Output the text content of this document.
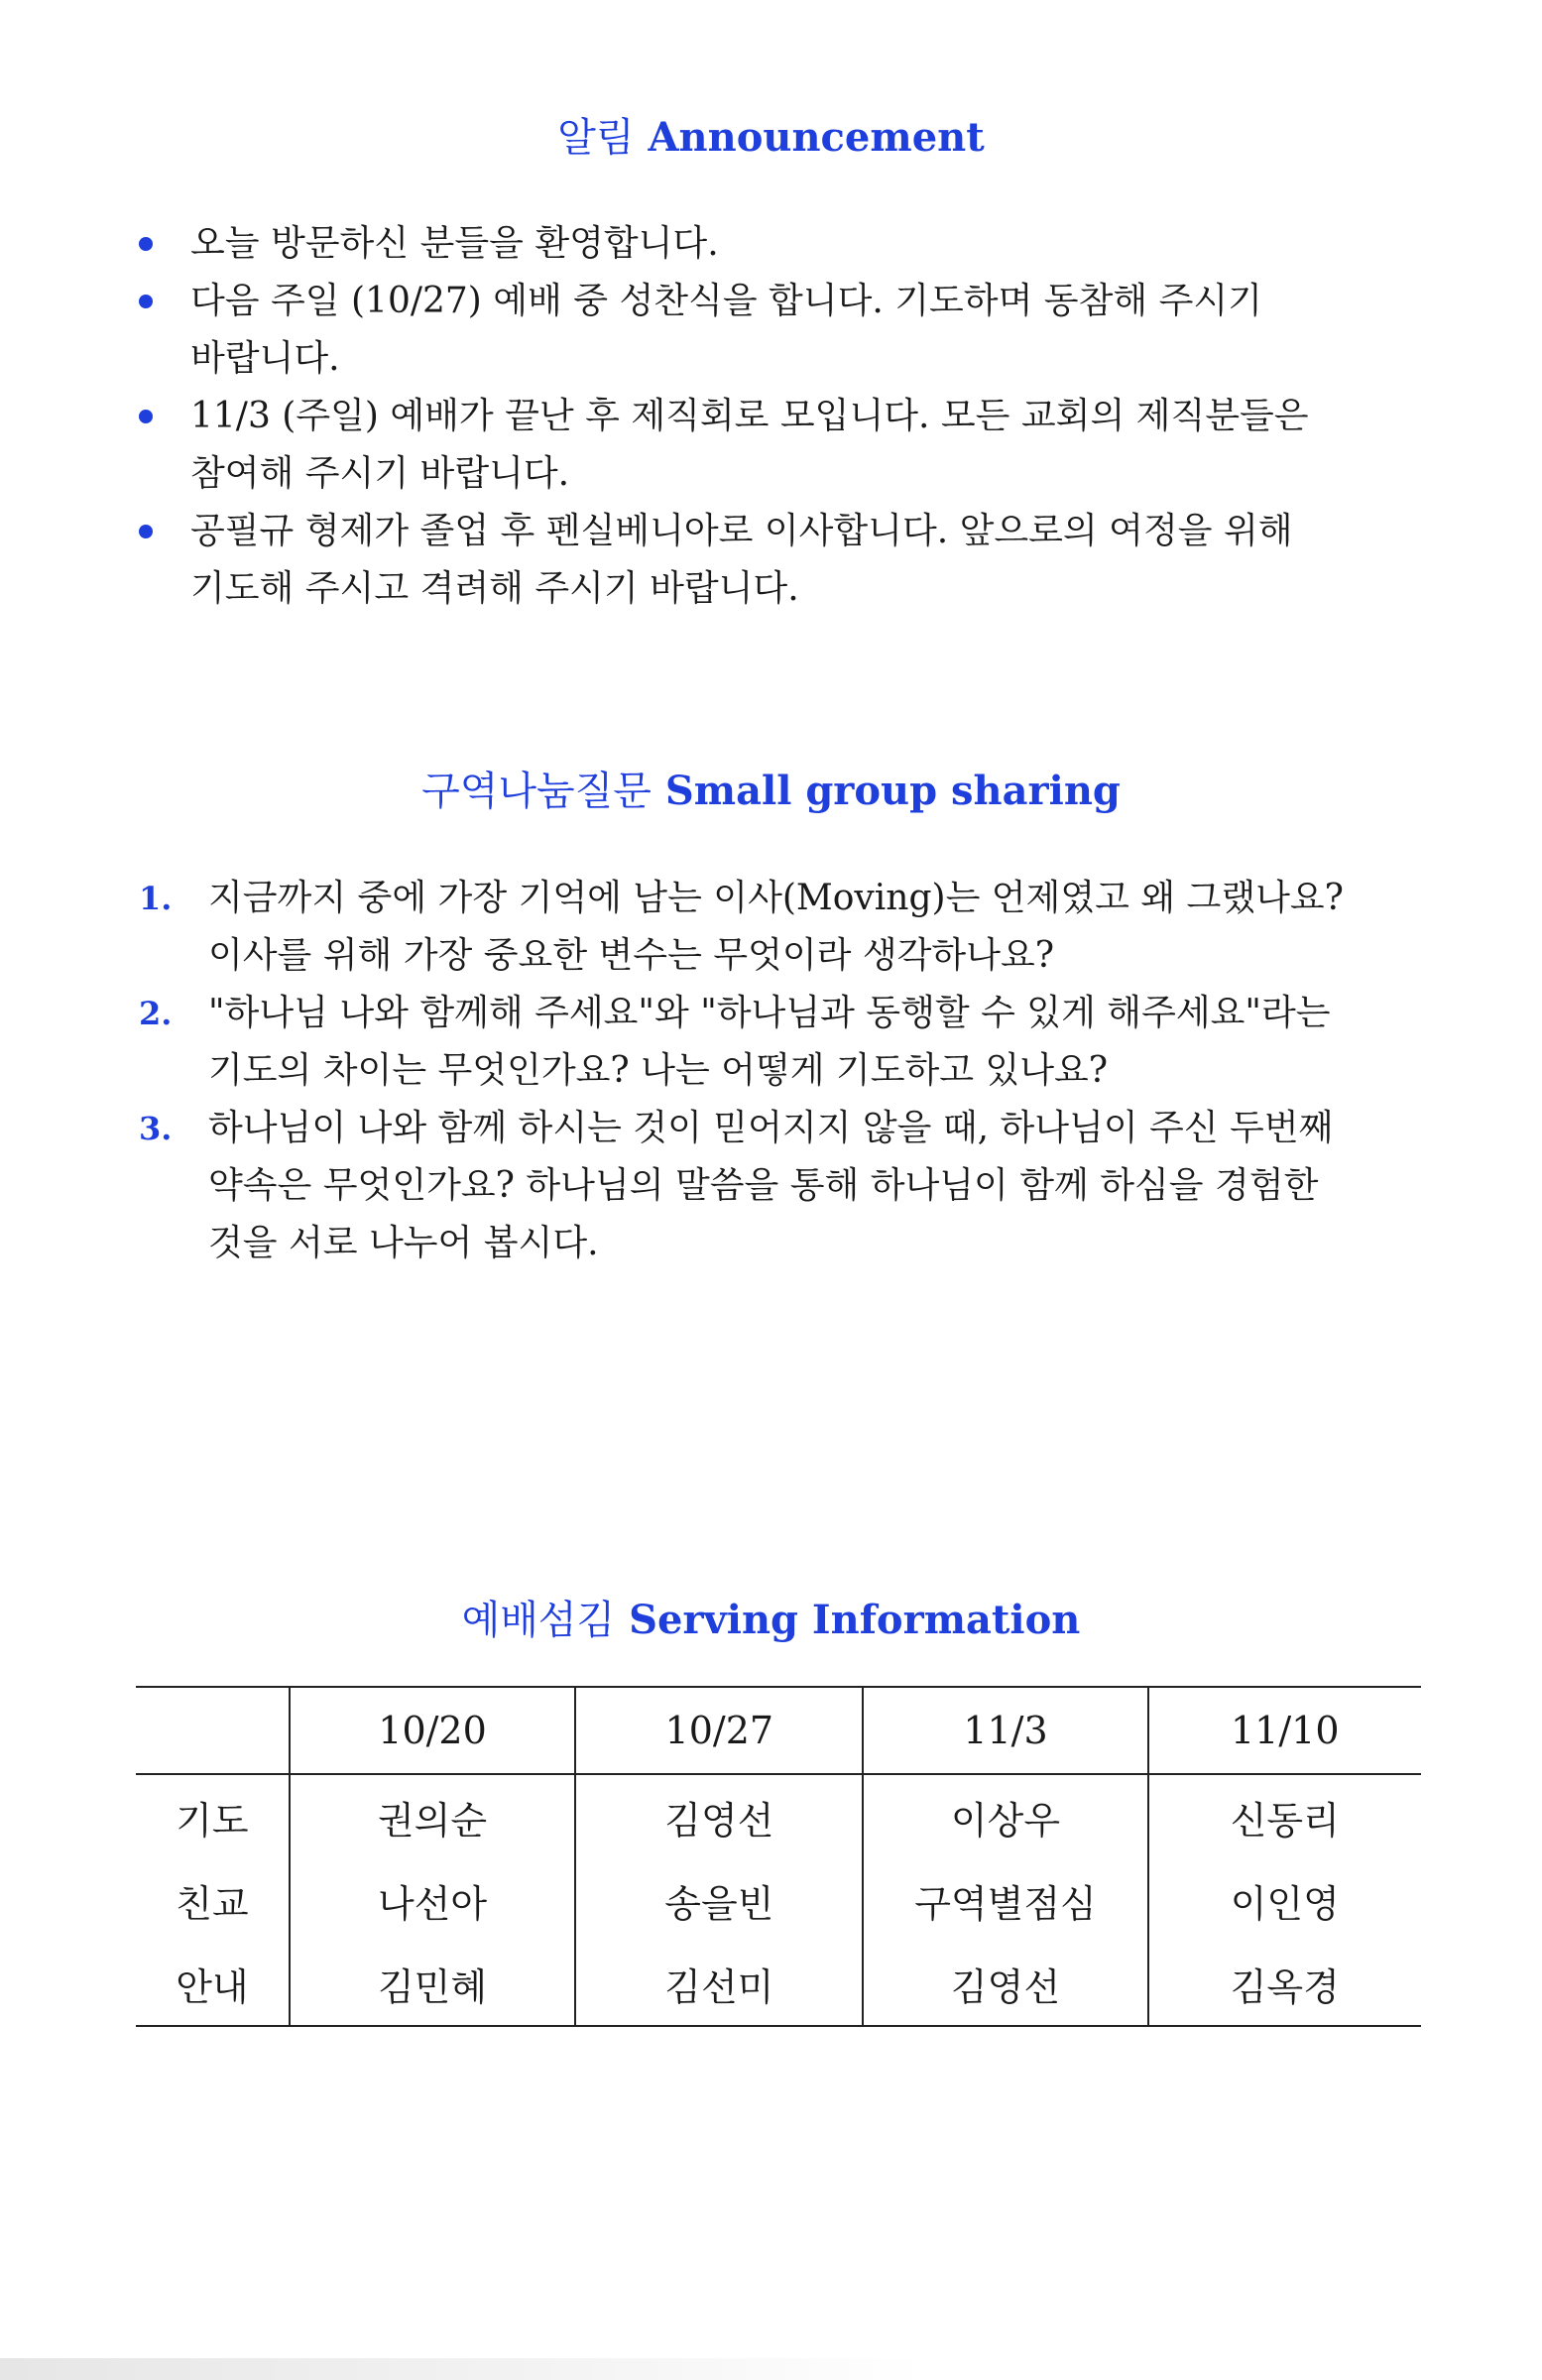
알림 Announcement
오늘 방문하신 분들을 환영합니다.
다음 주일 (10/27) 예배 중 성찬식을 합니다. 기도하며 동참해 주시기
바랍니다.
11/3 (주일) 예배가 끝난 후 제직회로 모입니다. 모든 교회의 제직분들은
참여해 주시기 바랍니다.
공필규 형제가 졸업 후 펜실베니아로 이사합니다. 앞으로의 여정을 위해
기도해 주시고 격려해 주시기 바랍니다.
구역나눔질문 Small group sharing
1. 지금까지 중에 가장 기억에 남는 이사(Moving)는 언제였고 왜 그랬나요?
이사를 위해 가장 중요한 변수는 무엇이라 생각하나요?
2. "하나님 나와 함께해 주세요"와 "하나님과 동행할 수 있게 해주세요"라는
기도의 차이는 무엇인가요? 나는 어떻게 기도하고 있나요?
3. 하나님이 나와 함께 하시는 것이 믿어지지 않을 때, 하나님이 주신 두번째
약속은 무엇인가요? 하나님의 말씀을 통해 하나님이 함께 하심을 경험한
것을 서로 나누어 봅시다.
예배섬김 Serving Information
	10/20	10/27	11/3	11/10
기도	권의순	김영선	이상우	신동리
친교	나선아	송을빈	구역별점심	이인영
안내	김민혜	김선미	김영선	김옥경
